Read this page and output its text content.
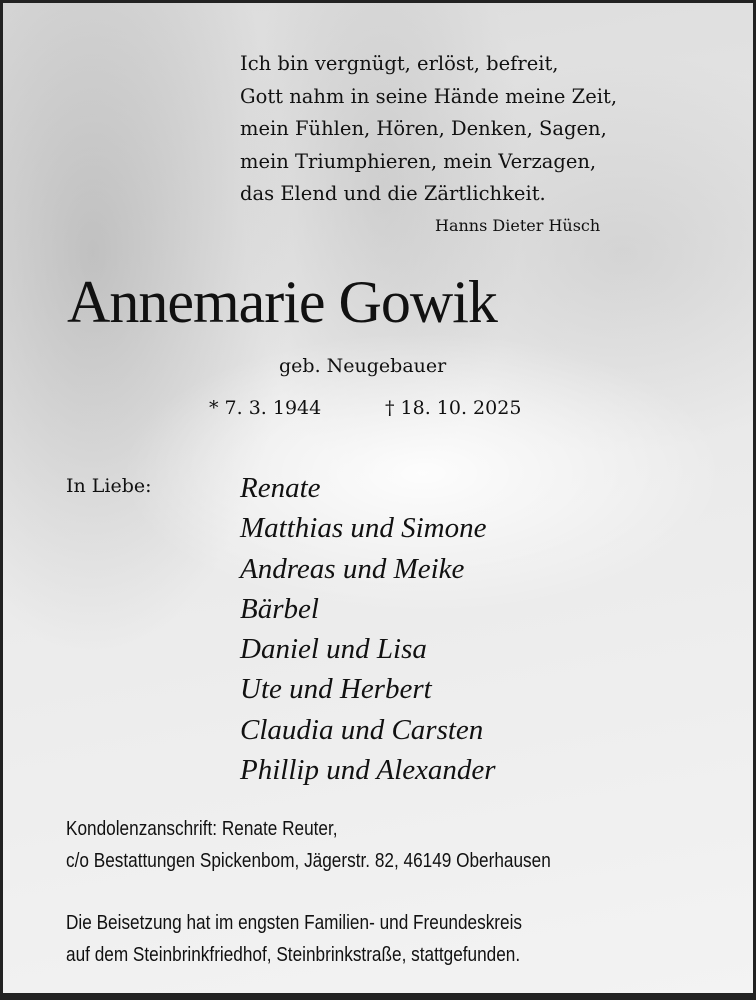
Ich bin vergnügt, erlöst, befreit,
Gott nahm in seine Hände meine Zeit,
mein Fühlen, Hören, Denken, Sagen,
mein Triumphieren, mein Verzagen,
das Elend und die Zärtlichkeit.
Hanns Dieter Hüsch
Annemarie Gowik
geb. Neugebauer
* 7. 3. 1944	† 18. 10. 2025
In Liebe:	Renate
Matthias und Simone
Andreas und Meike
Bärbel
Daniel und Lisa
Ute und Herbert
Claudia und Carsten
Phillip und Alexander
Kondolenzanschrift: Renate Reuter,
c/o Bestattungen Spickenbom, Jägerstr. 82, 46149 Oberhausen
Die Beisetzung hat im engsten Familien- und Freundeskreis
auf dem Steinbrinkfriedhof, Steinbrinkstraße, stattgefunden.
